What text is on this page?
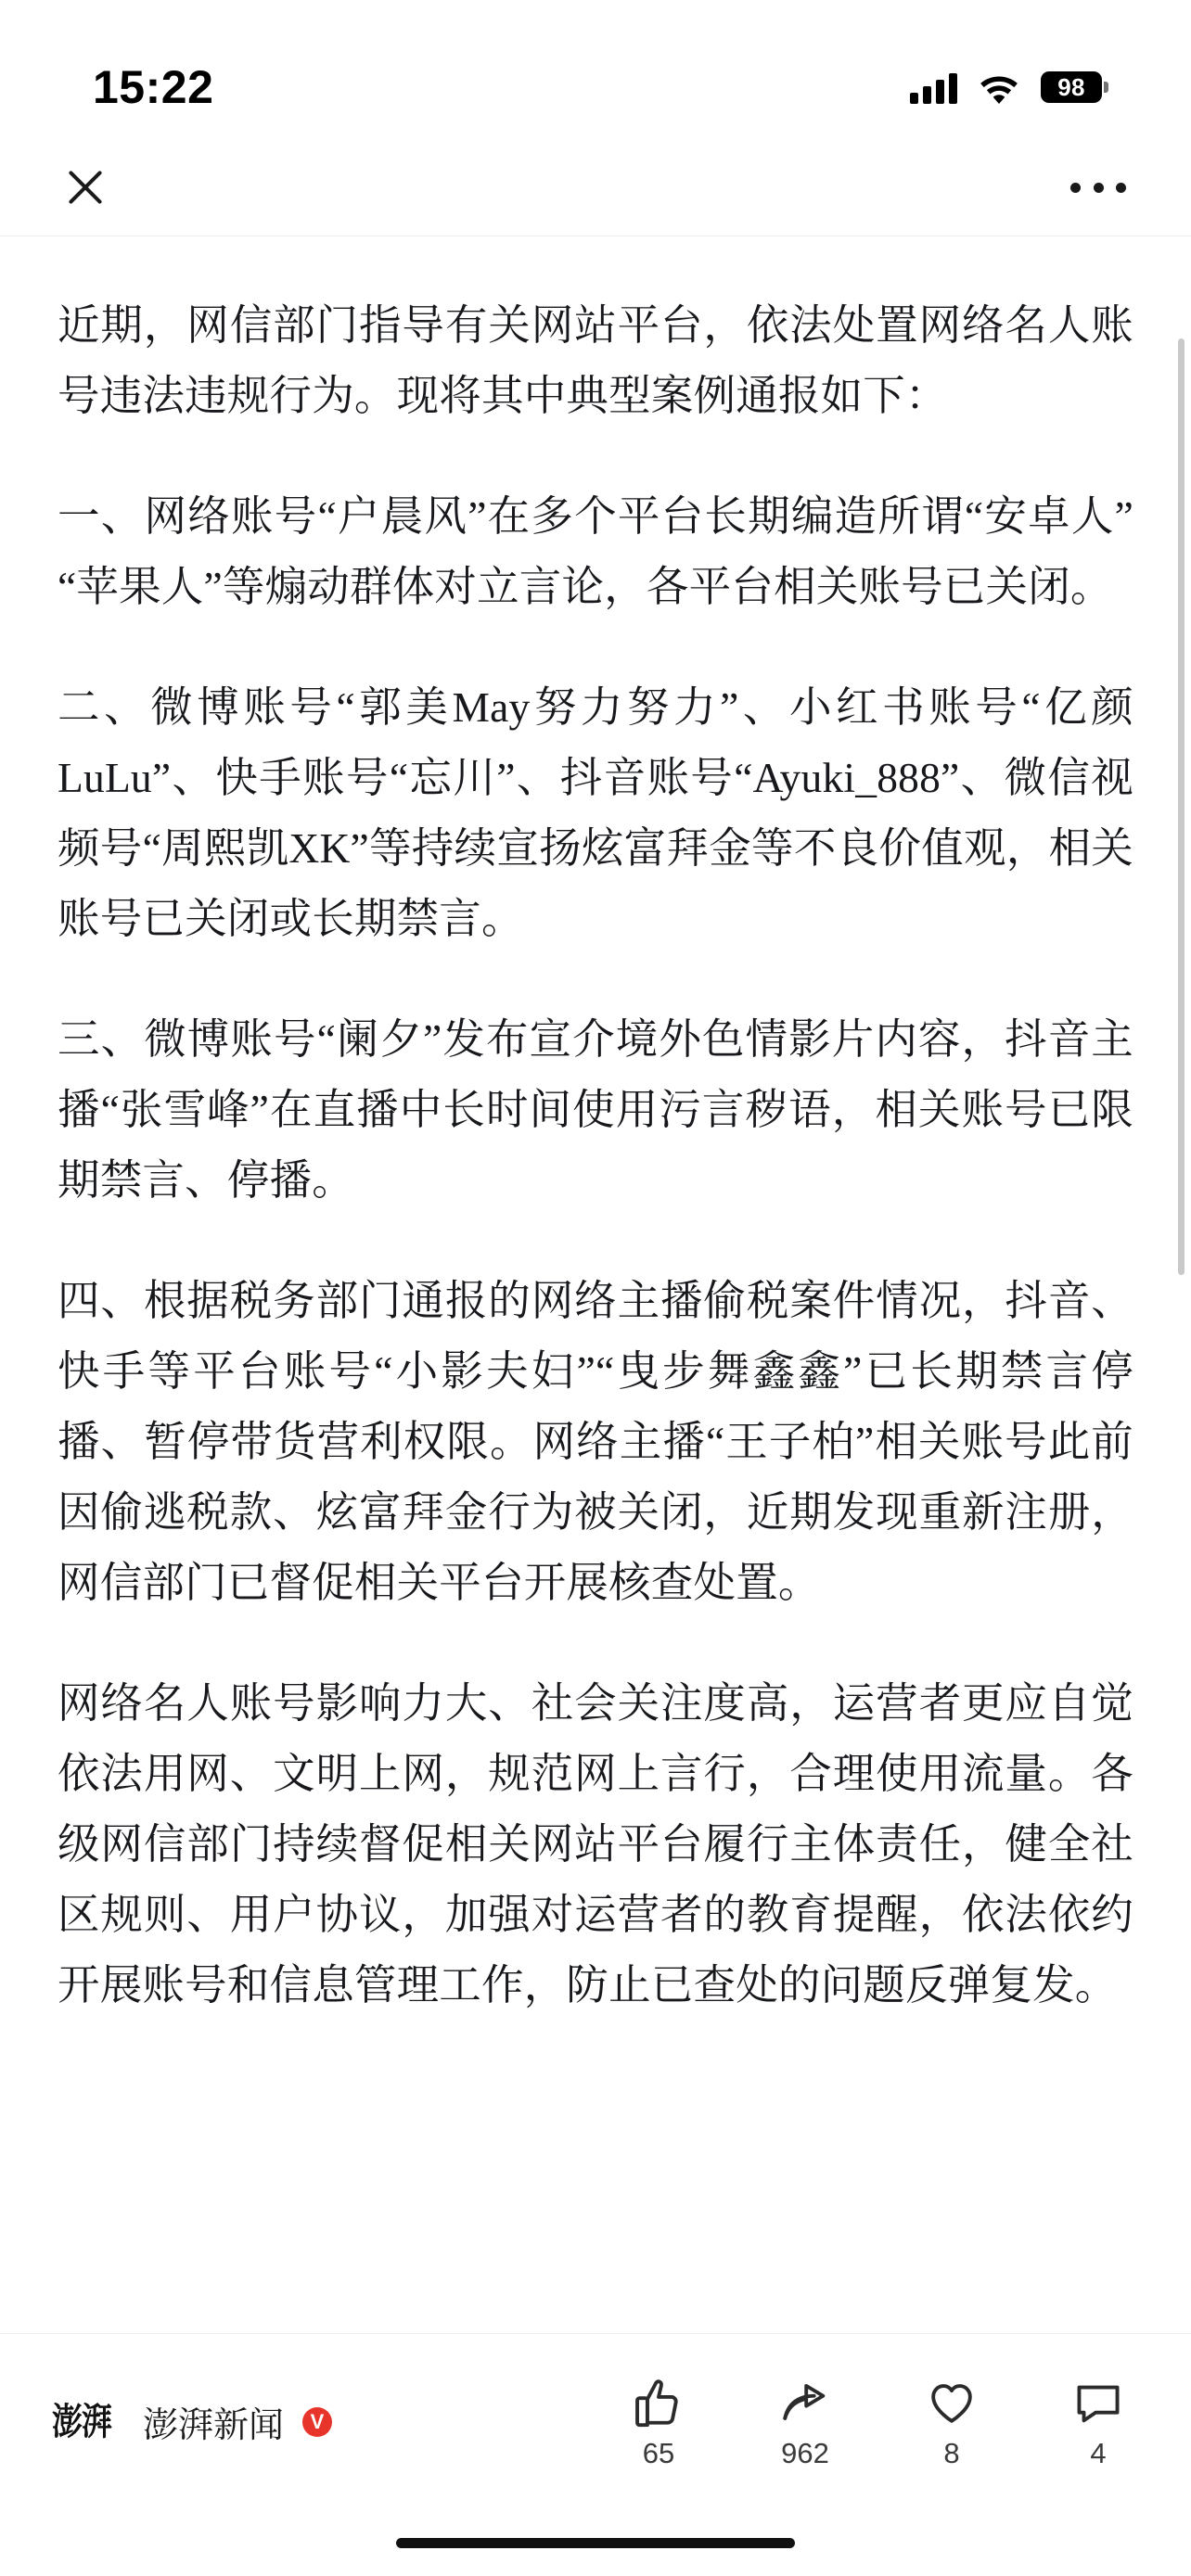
15:22	98

近期，网信部门指导有关网站平台，依法处置网络名人账号违法违规行为。现将其中典型案例通报如下：

一、网络账号“户晨风”在多个平台长期编造所谓“安卓人”“苹果人”等煽动群体对立言论，各平台相关账号已关闭。

二、微博账号“郭美May努力努力”、小红书账号“亿颜LuLu”、快手账号“忘川”、抖音账号“Ayuki_888”、微信视频号“周熙凯XK”等持续宣扬炫富拜金等不良价值观，相关账号已关闭或长期禁言。

三、微博账号“阑夕”发布宣介境外色情影片内容，抖音主播“张雪峰”在直播中长时间使用污言秽语，相关账号已限期禁言、停播。

四、根据税务部门通报的网络主播偷税案件情况，抖音、快手等平台账号“小影夫妇”“曳步舞鑫鑫”已长期禁言停播、暂停带货营利权限。网络主播“王子柏”相关账号此前因偷逃税款、炫富拜金行为被关闭，近期发现重新注册，网信部门已督促相关平台开展核查处置。

网络名人账号影响力大、社会关注度高，运营者更应自觉依法用网、文明上网，规范网上言行，合理使用流量。各级网信部门持续督促相关网站平台履行主体责任，健全社区规则、用户协议，加强对运营者的教育提醒，依法依约开展账号和信息管理工作，防止已查处的问题反弹复发。

澎湃 澎湃新闻	V
65	962	8	4
